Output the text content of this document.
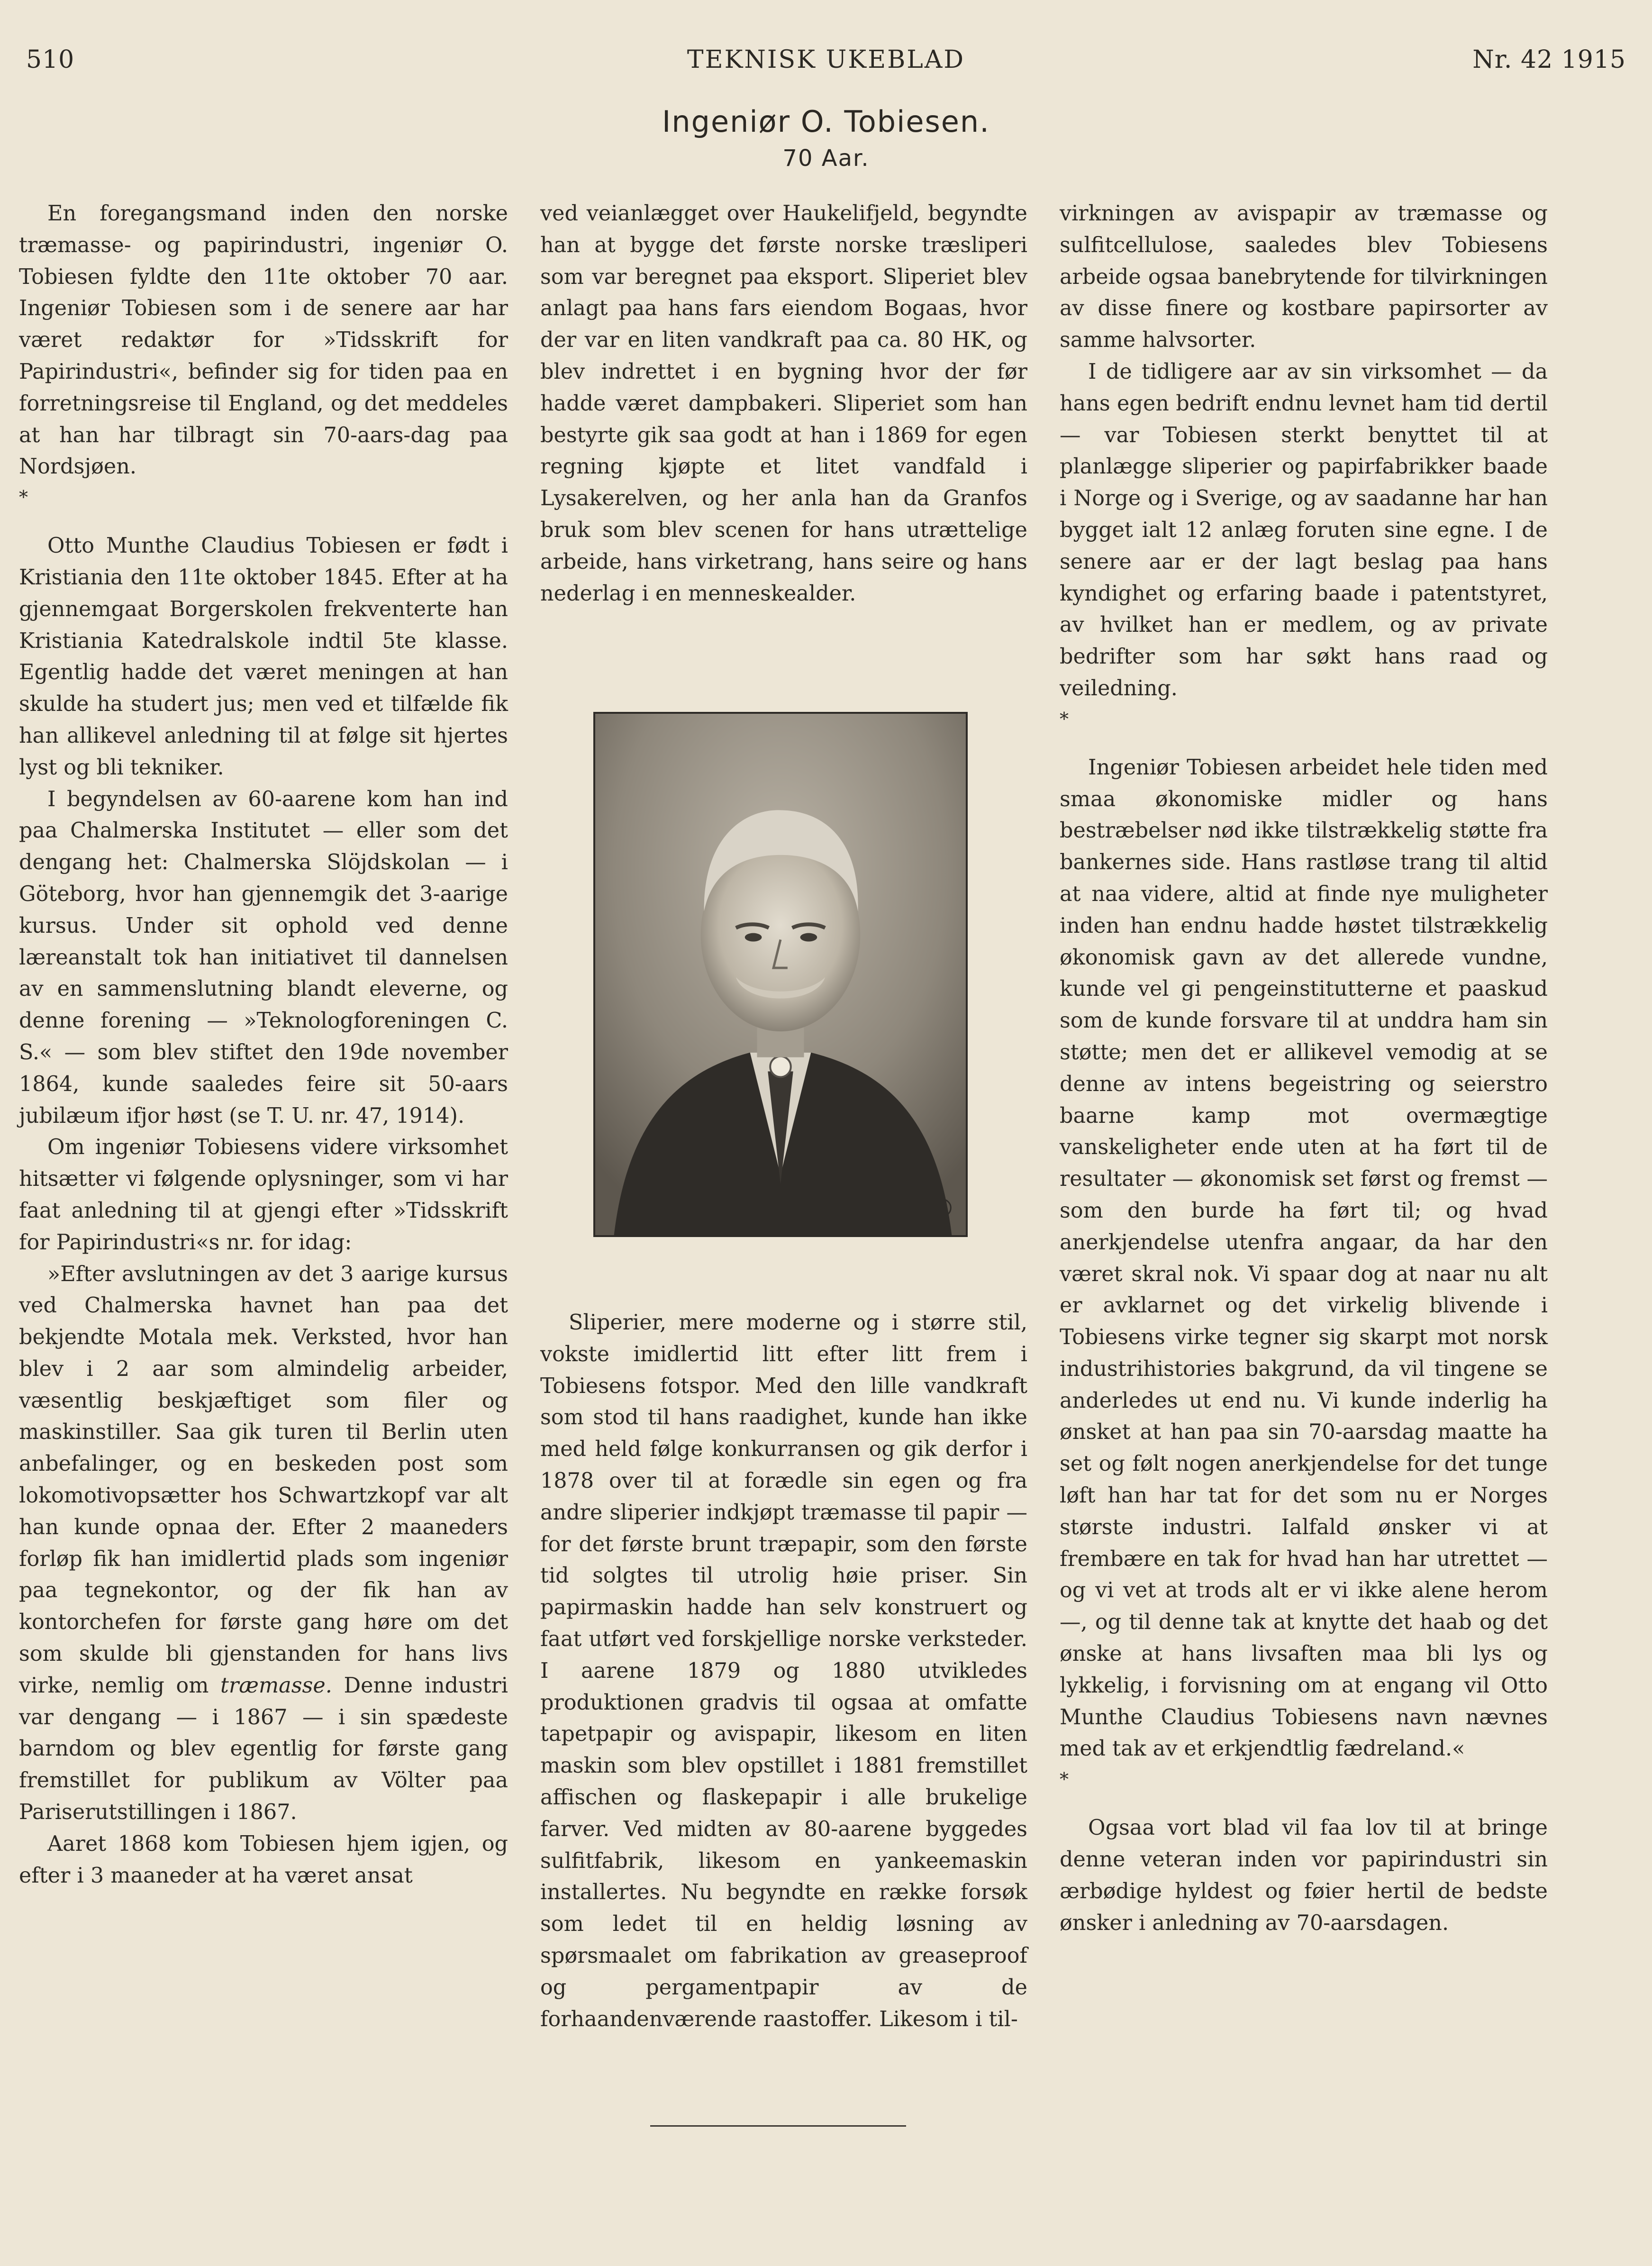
510	TEKNISK UKEBLAD	Nr. 42 1915
Ingeniør O. Tobiesen.
70 Aar.

En foregangsmand inden den norske træmasse- og papirindustri, ingeniør O. Tobiesen fyldte den 11te oktober 70 aar. Ingeniør Tobiesen som i de senere aar har været redaktør for »Tidsskrift for Papirindustri«, befinder sig for tiden paa en forretningsreise til England, og det meddeles at han har tilbragt sin 70-aars-dag paa Nordsjøen.

*

Otto Munthe Claudius Tobiesen er født i Kristiania den 11te oktober 1845. Efter at ha gjennemgaat Borgerskolen frekventerte han Kristiania Katedralskole indtil 5te klasse. Egentlig hadde det været meningen at han skulde ha studert jus; men ved et tilfælde fik han allikevel anledning til at følge sit hjertes lyst og bli tekniker.

I begyndelsen av 60-aarene kom han ind paa Chalmerska Institutet — eller som det dengang het: Chalmerska Slöjdskolan — i Göteborg, hvor han gjennemgik det 3-aarige kursus. Under sit ophold ved denne læreanstalt tok han initiativet til dannelsen av en sammenslutning blandt eleverne, og denne forening — »Teknologforeningen C. S.« — som blev stiftet den 19de november 1864, kunde saaledes feire sit 50-aars jubilæum ifjor høst (se T. U. nr. 47, 1914).

Om ingeniør Tobiesens videre virksomhet hitsætter vi følgende oplysninger, som vi har faat anledning til at gjengi efter »Tidsskrift for Papirindustri«s nr. for idag:

»Efter avslutningen av det 3 aarige kursus ved Chalmerska havnet han paa det bekjendte Motala mek. Verksted, hvor han blev i 2 aar som almindelig arbeider, væsentlig beskjæftiget som filer og maskinstiller. Saa gik turen til Berlin uten anbefalinger, og en beskeden post som lokomotivopsætter hos Schwartzkopf var alt han kunde opnaa der. Efter 2 maaneders forløp fik han imidlertid plads som ingeniør paa tegnekontor, og der fik han av kontorchefen for første gang høre om det som skulde bli gjenstanden for hans livs virke, nemlig om træmasse. Denne industri var dengang — i 1867 — i sin spædeste barndom og blev egentlig for første gang fremstillet for publikum av Völter paa Pariserutstillingen i 1867.

Aaret 1868 kom Tobiesen hjem igjen, og efter i 3 maaneder at ha været ansat

ved veianlægget over Haukelifjeld, begyndte han at bygge det første norske træsliperi som var beregnet paa eksport. Sliperiet blev anlagt paa hans fars eiendom Bogaas, hvor der var en liten vandkraft paa ca. 80 HK, og blev indrettet i en bygning hvor der før hadde været dampbakeri. Sliperiet som han bestyrte gik saa godt at han i 1869 for egen regning kjøpte et litet vandfald i Lysakerelven, og her anla han da Granfos bruk som blev scenen for hans utrættelige arbeide, hans virketrang, hans seire og hans nederlag i en menneskealder.

Sliperier, mere moderne og i større stil, vokste imidlertid litt efter litt frem i Tobiesens fotspor. Med den lille vandkraft som stod til hans raadighet, kunde han ikke med held følge konkurransen og gik derfor i 1878 over til at forædle sin egen og fra andre sliperier indkjøpt træmasse til papir — for det første brunt træpapir, som den første tid solgtes til utrolig høie priser. Sin papirmaskin hadde han selv konstruert og faat utført ved forskjellige norske verksteder. I aarene 1879 og 1880 utvikledes produktionen gradvis til ogsaa at omfatte tapetpapir og avispapir, likesom en liten maskin som blev opstillet i 1881 fremstillet affischen og flaskepapir i alle brukelige farver. Ved midten av 80-aarene byggedes sulfitfabrik, likesom en yankeemaskin installertes. Nu begyndte en række forsøk som ledet til en heldig løsning av spørsmaalet om fabrikation av greaseproof og pergamentpapir av de forhaandenværende raastoffer. Likesom i til-

virkningen av avispapir av træmasse og sulfitcellulose, saaledes blev Tobiesens arbeide ogsaa banebrytende for tilvirkningen av disse finere og kostbare papirsorter av samme halvsorter.

I de tidligere aar av sin virksomhet — da hans egen bedrift endnu levnet ham tid dertil — var Tobiesen sterkt benyttet til at planlægge sliperier og papirfabrikker baade i Norge og i Sverige, og av saadanne har han bygget ialt 12 anlæg foruten sine egne. I de senere aar er der lagt beslag paa hans kyndighet og erfaring baade i patentstyret, av hvilket han er medlem, og av private bedrifter som har søkt hans raad og veiledning.

*

Ingeniør Tobiesen arbeidet hele tiden med smaa økonomiske midler og hans bestræbelser nød ikke tilstrækkelig støtte fra bankernes side. Hans rastløse trang til altid at naa videre, altid at finde nye muligheter inden han endnu hadde høstet tilstrækkelig økonomisk gavn av det allerede vundne, kunde vel gi pengeinstitutterne et paaskud som de kunde forsvare til at unddra ham sin støtte; men det er allikevel vemodig at se denne av intens begeistring og seierstro baarne kamp mot overmægtige vanskeligheter ende uten at ha ført til de resultater — økonomisk set først og fremst — som den burde ha ført til; og hvad anerkjendelse utenfra angaar, da har den været skral nok. Vi spaar dog at naar nu alt er avklarnet og det virkelig blivende i Tobiesens virke tegner sig skarpt mot norsk industrihistories bakgrund, da vil tingene se anderledes ut end nu. Vi kunde inderlig ha ønsket at han paa sin 70-aarsdag maatte ha set og følt nogen anerkjendelse for det tunge løft han har tat for det som nu er Norges største industri. Ialfald ønsker vi at frembære en tak for hvad han har utrettet — og vi vet at trods alt er vi ikke alene herom —, og til denne tak at knytte det haab og det ønske at hans livsaften maa bli lys og lykkelig, i forvisning om at engang vil Otto Munthe Claudius Tobiesens navn nævnes med tak av et erkjendtlig fædreland.«

*

Ogsaa vort blad vil faa lov til at bringe denne veteran inden vor papirindustri sin ærbødige hyldest og føier hertil de bedste ønsker i anledning av 70-aarsdagen.
